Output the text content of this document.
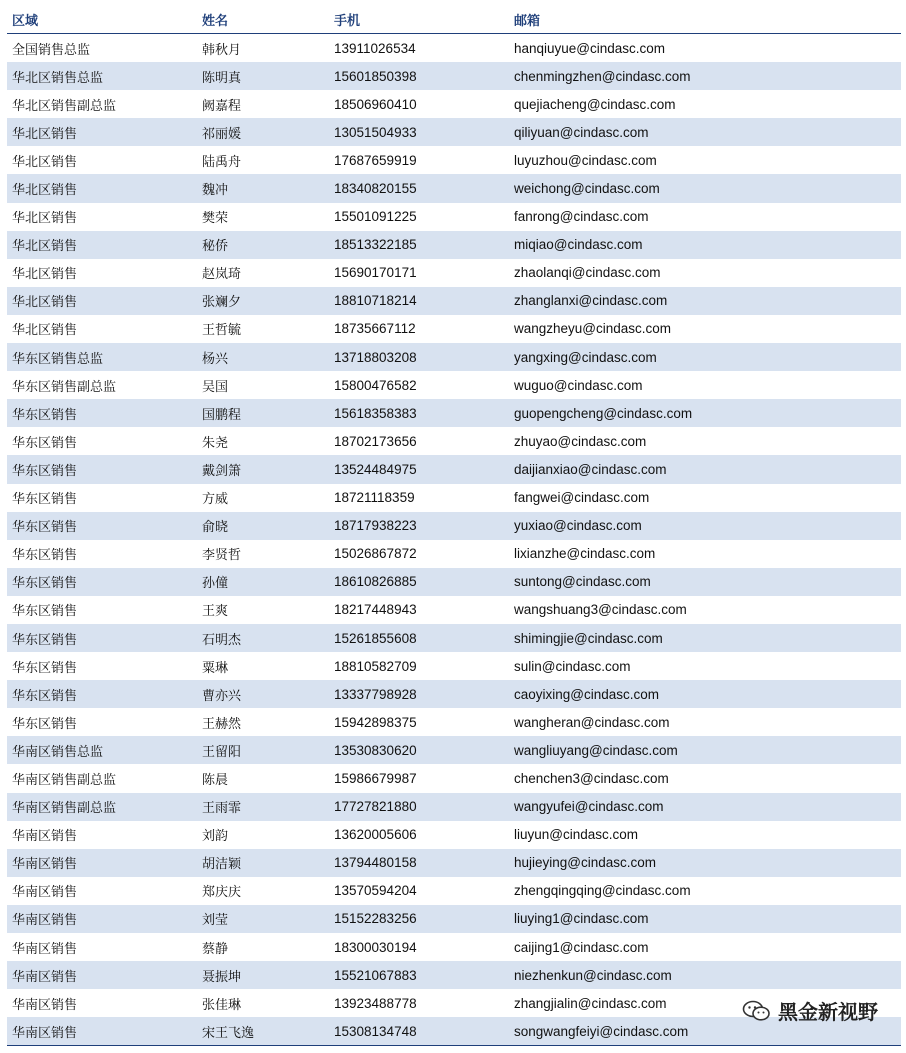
区域	姓名	手机	邮箱
全国销售总监	韩秋月	13911026534	hanqiuyue@cindasc.com
华北区销售总监	陈明真	15601850398	chenmingzhen@cindasc.com
华北区销售副总监	阙嘉程	18506960410	quejiacheng@cindasc.com
华北区销售	祁丽媛	13051504933	qiliyuan@cindasc.com
华北区销售	陆禹舟	17687659919	luyuzhou@cindasc.com
华北区销售	魏冲	18340820155	weichong@cindasc.com
华北区销售	樊荣	15501091225	fanrong@cindasc.com
华北区销售	秘侨	18513322185	miqiao@cindasc.com
华北区销售	赵岚琦	15690170171	zhaolanqi@cindasc.com
华北区销售	张斓夕	18810718214	zhanglanxi@cindasc.com
华北区销售	王哲毓	18735667112	wangzheyu@cindasc.com
华东区销售总监	杨兴	13718803208	yangxing@cindasc.com
华东区销售副总监	吴国	15800476582	wuguo@cindasc.com
华东区销售	国鹏程	15618358383	guopengcheng@cindasc.com
华东区销售	朱尧	18702173656	zhuyao@cindasc.com
华东区销售	戴剑箫	13524484975	daijianxiao@cindasc.com
华东区销售	方威	18721118359	fangwei@cindasc.com
华东区销售	俞晓	18717938223	yuxiao@cindasc.com
华东区销售	李贤哲	15026867872	lixianzhe@cindasc.com
华东区销售	孙僮	18610826885	suntong@cindasc.com
华东区销售	王爽	18217448943	wangshuang3@cindasc.com
华东区销售	石明杰	15261855608	shimingjie@cindasc.com
华东区销售	粟琳	18810582709	sulin@cindasc.com
华东区销售	曹亦兴	13337798928	caoyixing@cindasc.com
华东区销售	王赫然	15942898375	wangheran@cindasc.com
华南区销售总监	王留阳	13530830620	wangliuyang@cindasc.com
华南区销售副总监	陈晨	15986679987	chenchen3@cindasc.com
华南区销售副总监	王雨霏	17727821880	wangyufei@cindasc.com
华南区销售	刘韵	13620005606	liuyun@cindasc.com
华南区销售	胡洁颖	13794480158	hujieying@cindasc.com
华南区销售	郑庆庆	13570594204	zhengqingqing@cindasc.com
华南区销售	刘莹	15152283256	liuying1@cindasc.com
华南区销售	蔡静	18300030194	caijing1@cindasc.com
华南区销售	聂振坤	15521067883	niezhenkun@cindasc.com
华南区销售	张佳琳	13923488778	zhangjialin@cindasc.com
华南区销售	宋王飞逸	15308134748	songwangfeiyi@cindasc.com
黑金新视野
